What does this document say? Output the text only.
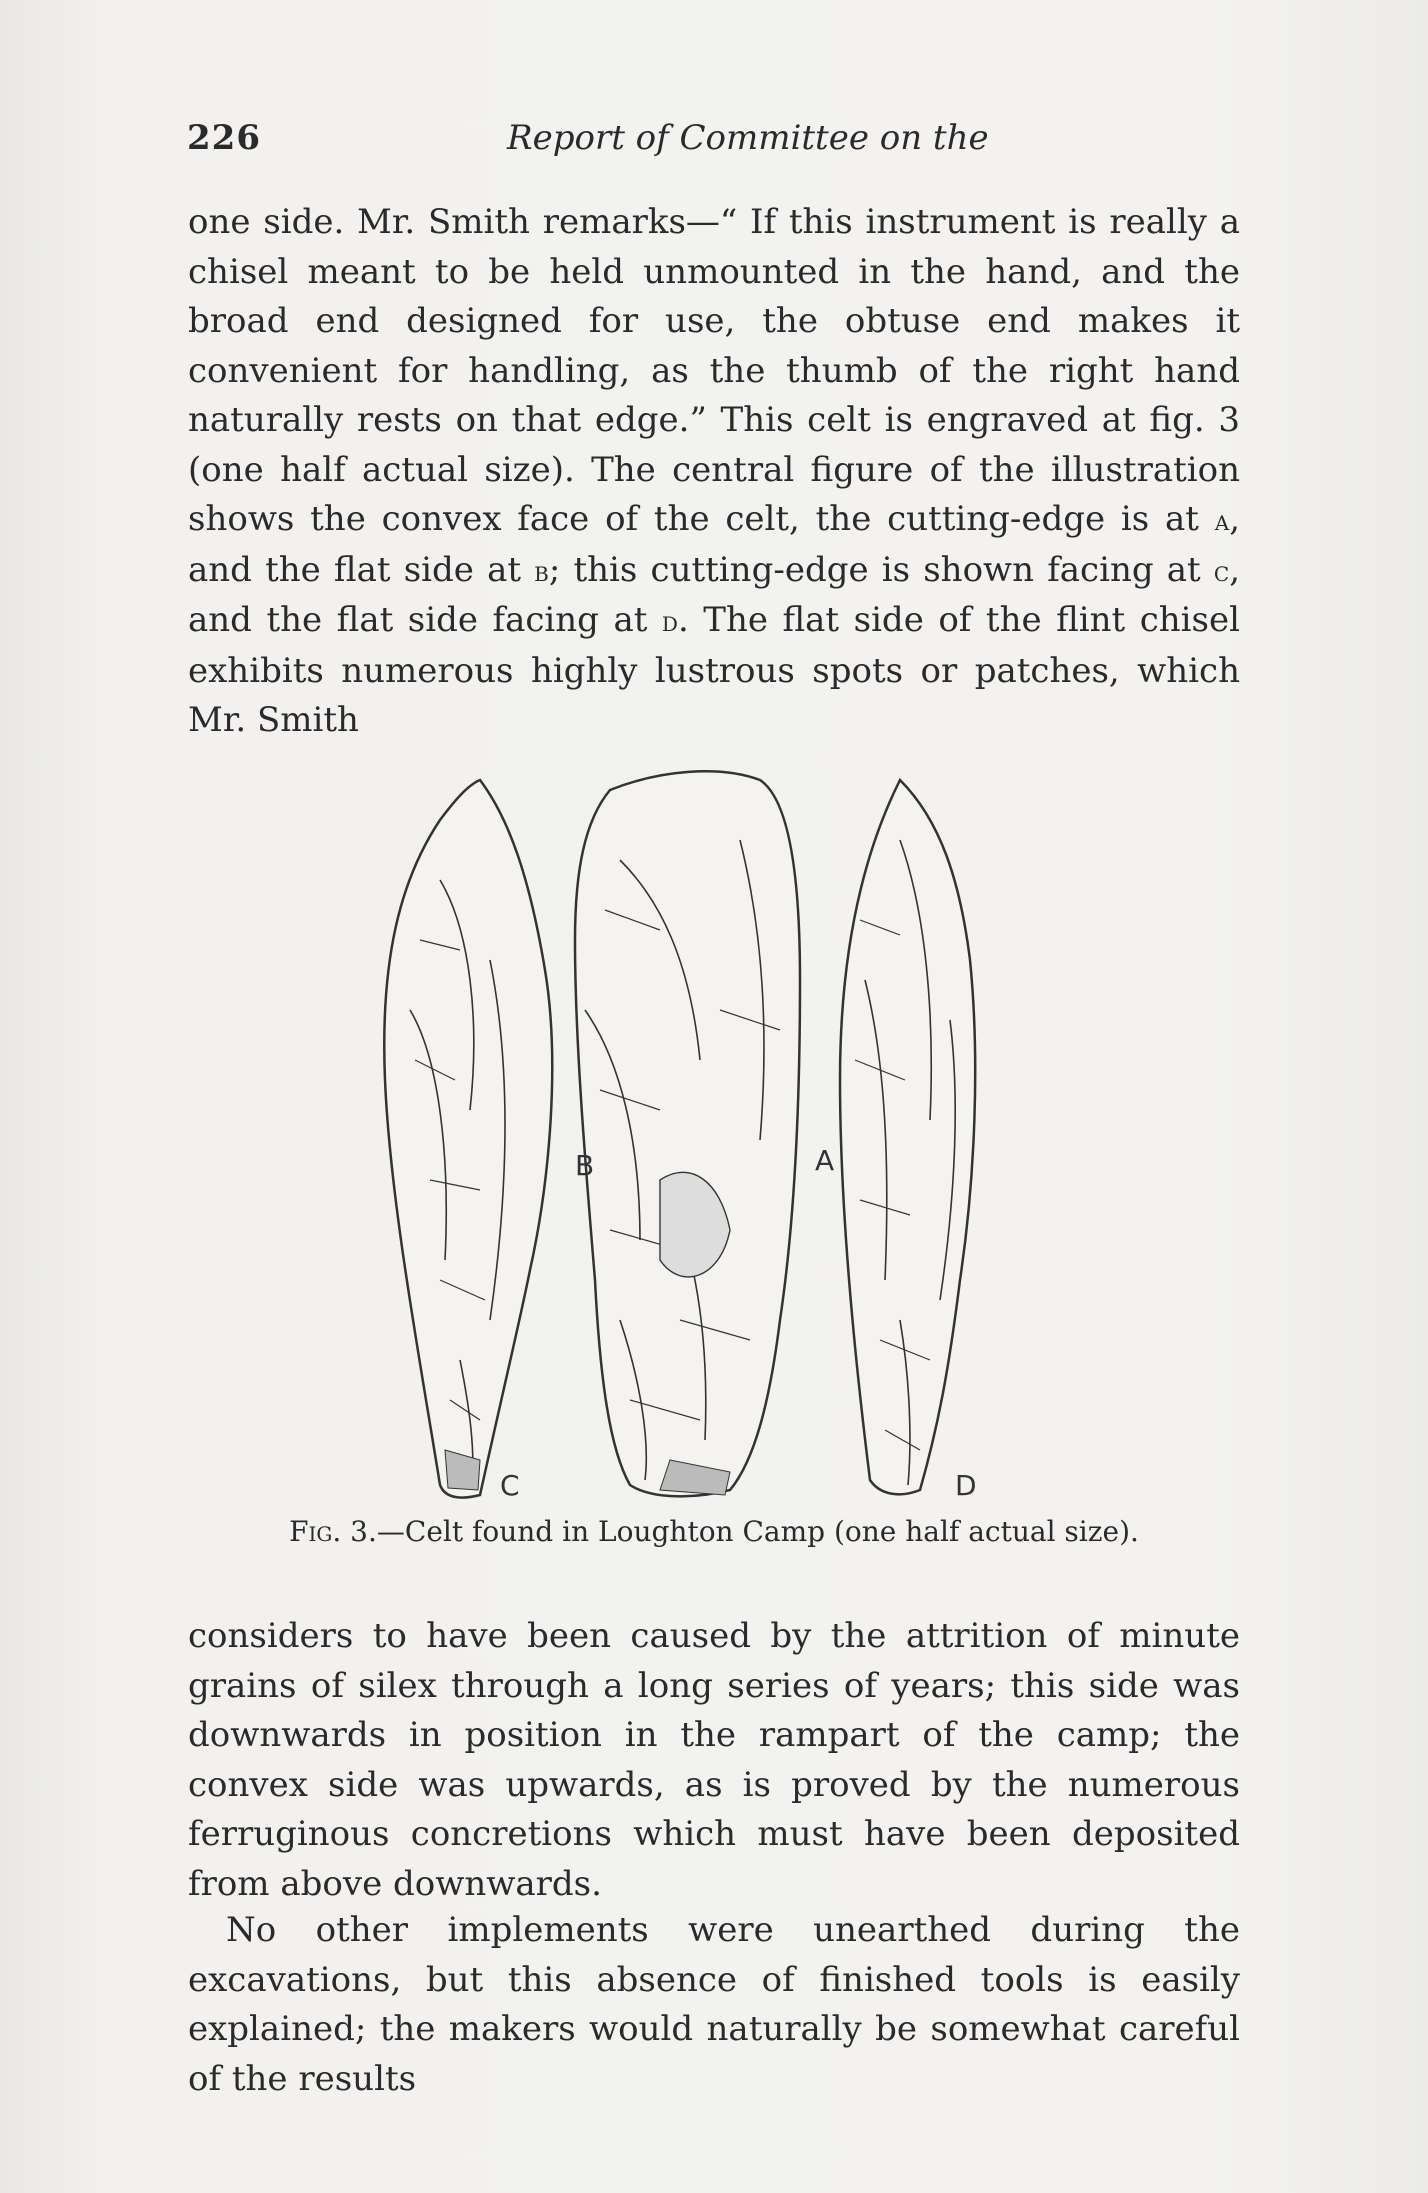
226	Report of Committee on the

one side. Mr. Smith remarks—“ If this instrument is really a chisel meant to be held unmounted in the hand, and the broad end designed for use, the obtuse end makes it convenient for handling, as the thumb of the right hand naturally rests on that edge.” This celt is engraved at fig. 3 (one half actual size). The central figure of the illustration shows the convex face of the celt, the cutting-edge is at a, and the flat side at b; this cutting-edge is shown facing at c, and the flat side facing at d. The flat side of the flint chisel exhibits numerous highly lustrous spots or patches, which Mr. Smith

B	A
C	D
Fig. 3.—Celt found in Loughton Camp (one half actual size).

considers to have been caused by the attrition of minute grains of silex through a long series of years; this side was downwards in position in the rampart of the camp; the convex side was upwards, as is proved by the numerous ferruginous concretions which must have been deposited from above downwards.

No other implements were unearthed during the excavations, but this absence of finished tools is easily explained; the makers would naturally be somewhat careful of the results
